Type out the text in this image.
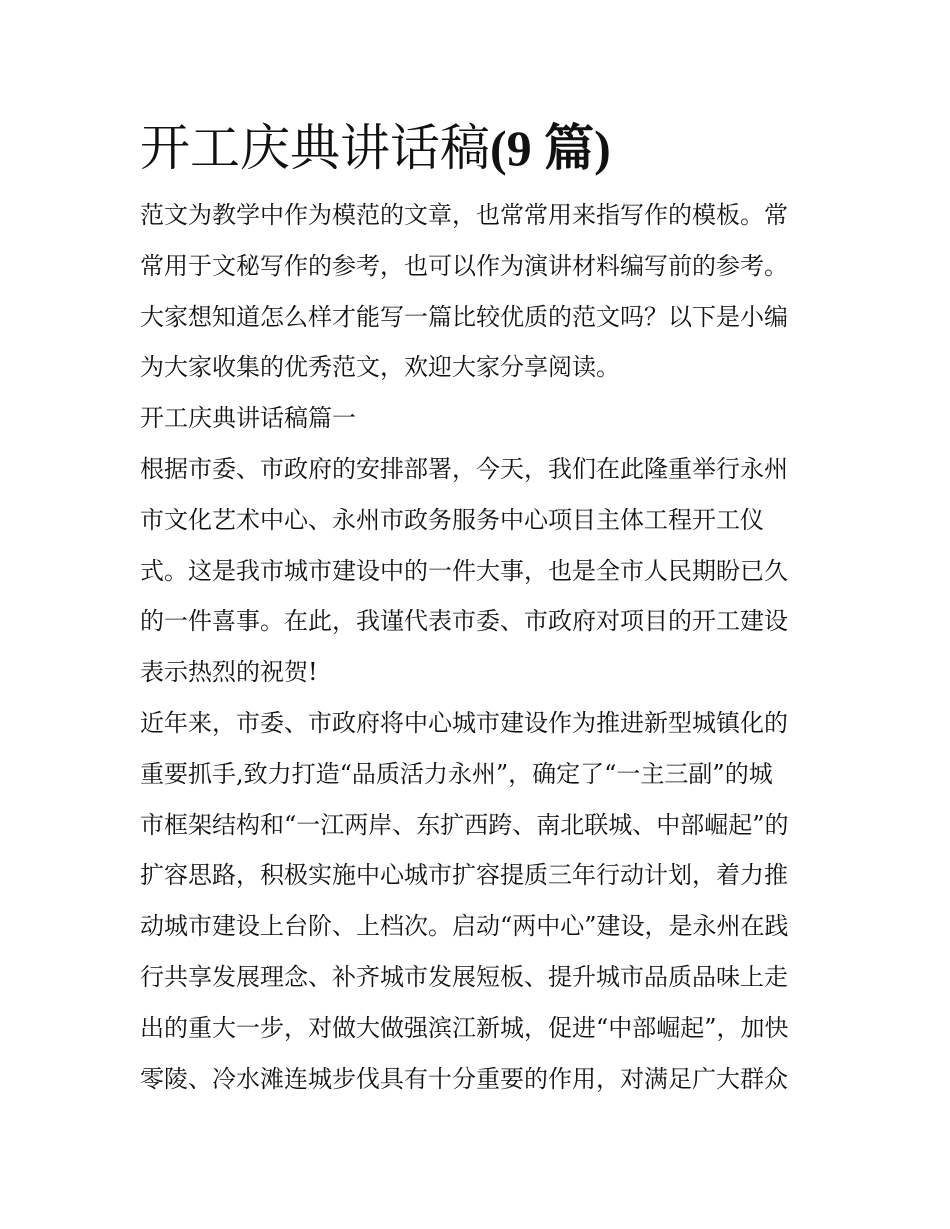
开工庆典讲话稿(9 篇)

范文为教学中作为模范的文章，也常常用来指写作的模板。常
常用于文秘写作的参考，也可以作为演讲材料编写前的参考。
大家想知道怎么样才能写一篇比较优质的范文吗？以下是小编
为大家收集的优秀范文，欢迎大家分享阅读。

开工庆典讲话稿篇一

根据市委、市政府的安排部署，今天，我们在此隆重举行永州
市文化艺术中心、永州市政务服务中心项目主体工程开工仪
式。这是我市城市建设中的一件大事，也是全市人民期盼已久
的一件喜事。在此，我谨代表市委、市政府对项目的开工建设
表示热烈的祝贺!

近年来，市委、市政府将中心城市建设作为推进新型城镇化的
重要抓手,致力打造“品质活力永州”，确定了“一主三副”的城
市框架结构和“一江两岸、东扩西跨、南北联城、中部崛起”的
扩容思路，积极实施中心城市扩容提质三年行动计划，着力推
动城市建设上台阶、上档次。启动“两中心”建设，是永州在践
行共享发展理念、补齐城市发展短板、提升城市品质品味上走
出的重大一步，对做大做强滨江新城，促进“中部崛起”，加快
零陵、冷水滩连城步伐具有十分重要的作用，对满足广大群众
